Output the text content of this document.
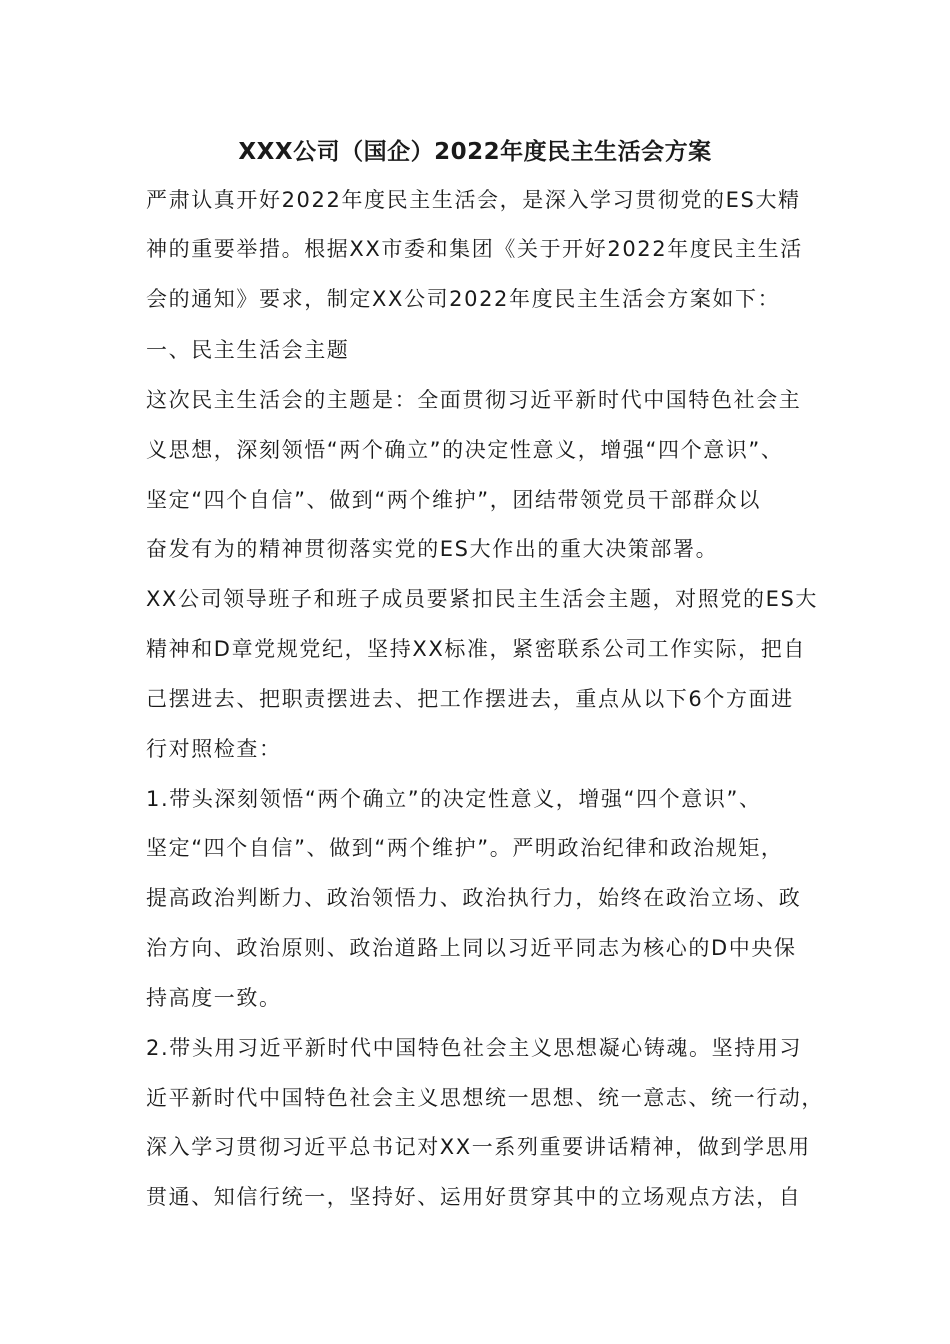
XXX公司（国企）2022年度民主生活会方案
严肃认真开好2022年度民主生活会，是深入学习贯彻党的ES大精
神的重要举措。根据XX市委和集团《关于开好2022年度民主生活
会的通知》要求，制定XX公司2022年度民主生活会方案如下：
一、民主生活会主题
这次民主生活会的主题是：全面贯彻习近平新时代中国特色社会主
义思想，深刻领悟“两个确立”的决定性意义，增强“四个意识”、
坚定“四个自信”、做到“两个维护”，团结带领党员干部群众以
奋发有为的精神贯彻落实党的ES大作出的重大决策部署。
XX公司领导班子和班子成员要紧扣民主生活会主题，对照党的ES大
精神和D章党规党纪，坚持XX标准，紧密联系公司工作实际，把自
己摆进去、把职责摆进去、把工作摆进去，重点从以下6个方面进
行对照检查：
1.带头深刻领悟“两个确立”的决定性意义，增强“四个意识”、
坚定“四个自信”、做到“两个维护”。严明政治纪律和政治规矩，
提高政治判断力、政治领悟力、政治执行力，始终在政治立场、政
治方向、政治原则、政治道路上同以习近平同志为核心的D中央保
持高度一致。
2.带头用习近平新时代中国特色社会主义思想凝心铸魂。坚持用习
近平新时代中国特色社会主义思想统一思想、统一意志、统一行动，
深入学习贯彻习近平总书记对XX一系列重要讲话精神，做到学思用
贯通、知信行统一，坚持好、运用好贯穿其中的立场观点方法，自
